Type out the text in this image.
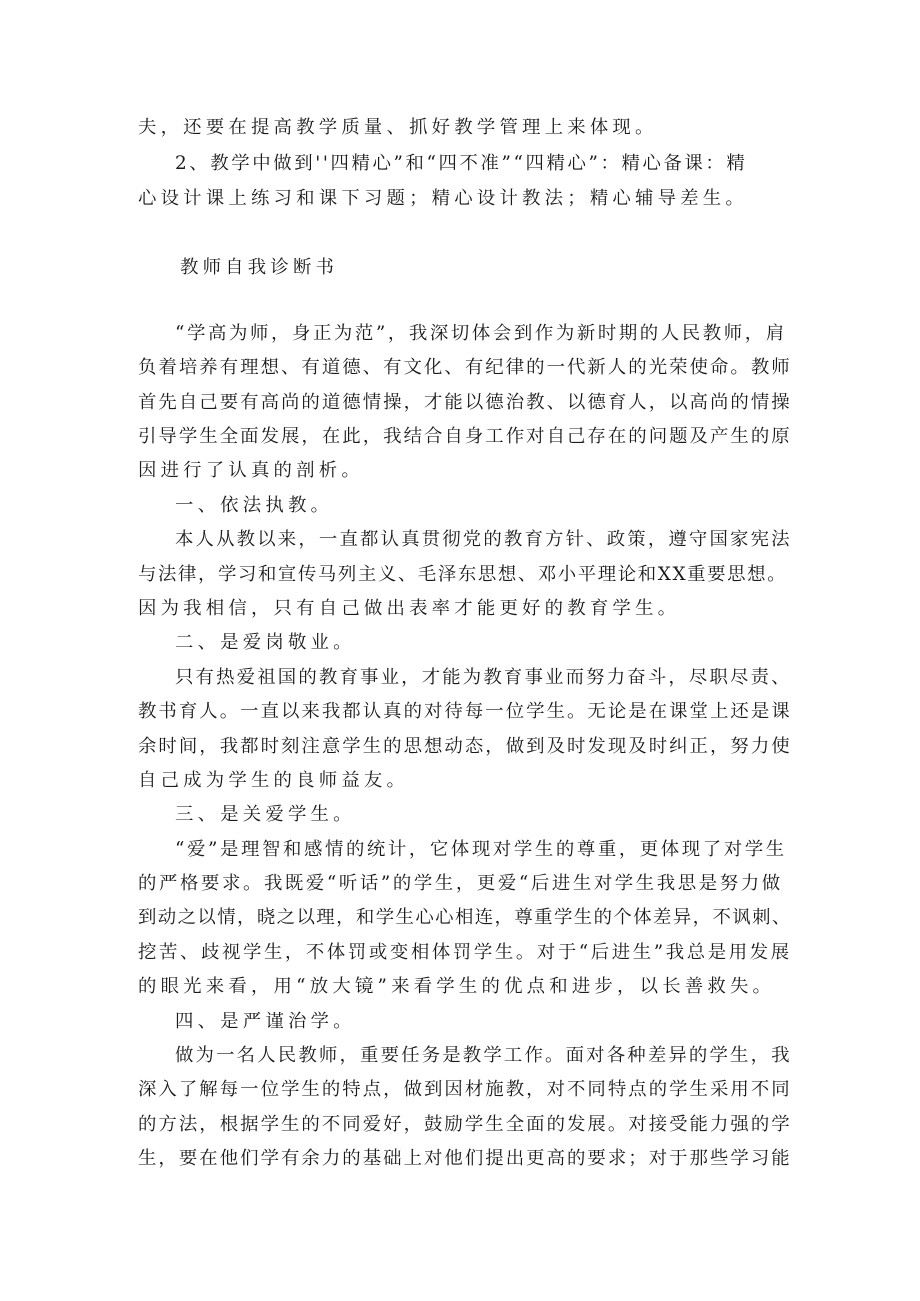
夫，还要在提高教学质量、抓好教学管理上来体现。
2、教学中做到''四精心”和“四不准”“四精心”：精心备课：精
心设计课上练习和课下习题；精心设计教法；精心辅导差生。
教师自我诊断书
“学高为师，身正为范”，我深切体会到作为新时期的人民教师，肩
负着培养有理想、有道德、有文化、有纪律的一代新人的光荣使命。教师
首先自己要有高尚的道德情操，才能以德治教、以德育人，以高尚的情操
引导学生全面发展，在此，我结合自身工作对自己存在的问题及产生的原
因进行了认真的剖析。
一、依法执教。
本人从教以来，一直都认真贯彻党的教育方针、政策，遵守国家宪法
与法律，学习和宣传马列主义、毛泽东思想、邓小平理论和XX重要思想。
因为我相信，只有自己做出表率才能更好的教育学生。
二、是爱岗敬业。
只有热爱祖国的教育事业，才能为教育事业而努力奋斗，尽职尽责、
教书育人。一直以来我都认真的对待每一位学生。无论是在课堂上还是课
余时间，我都时刻注意学生的思想动态，做到及时发现及时纠正，努力使
自己成为学生的良师益友。
三、是关爱学生。
“爱”是理智和感情的统计，它体现对学生的尊重，更体现了对学生
的严格要求。我既爱“听话”的学生，更爱“后进生对学生我思是努力做
到动之以情，晓之以理，和学生心心相连，尊重学生的个体差异，不讽刺、
挖苦、歧视学生，不体罚或变相体罚学生。对于“后进生”我总是用发展
的眼光来看，用“放大镜”来看学生的优点和进步，以长善救失。
四、是严谨治学。
做为一名人民教师，重要任务是教学工作。面对各种差异的学生，我
深入了解每一位学生的特点，做到因材施教，对不同特点的学生采用不同
的方法，根据学生的不同爱好，鼓励学生全面的发展。对接受能力强的学
生，要在他们学有余力的基础上对他们提出更高的要求；对于那些学习能
